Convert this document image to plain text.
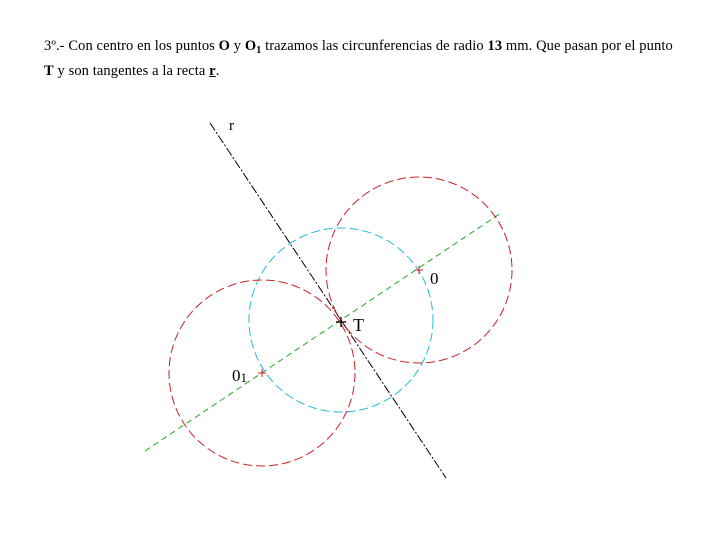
3º.- Con centro en los puntos O y $O_1$ trazamos las circunferencias de radio 13 mm. Que pasan por el punto T y son tangentes a la recta r.
r
0
T
01
